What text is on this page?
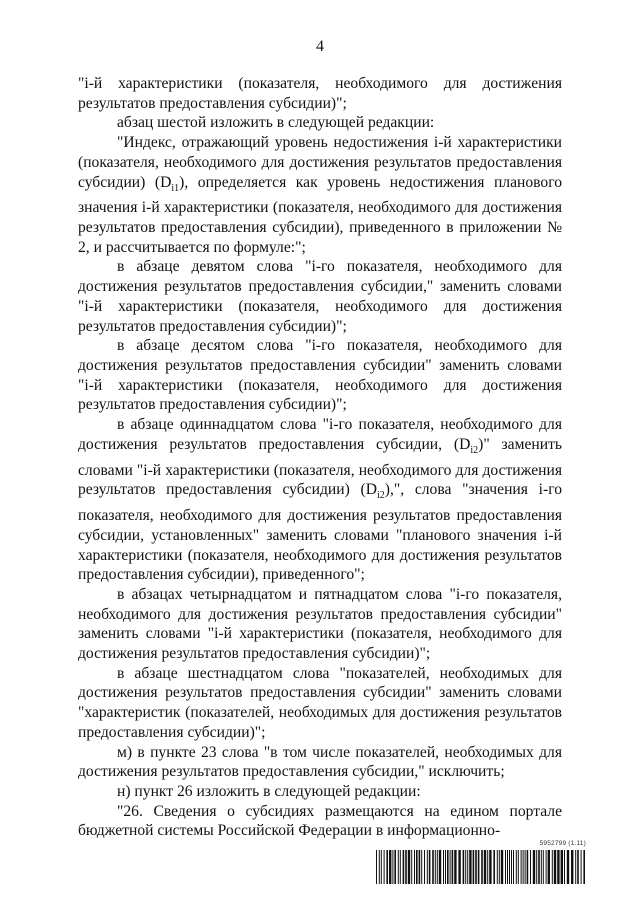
4

"i-й характеристики (показателя, необходимого для достижения результатов предоставления субсидии)";

абзац шестой изложить в следующей редакции:

"Индекс, отражающий уровень недостижения i-й характеристики (показателя, необходимого для достижения результатов предоставления субсидии) $(D_{i1})$, определяется как уровень недостижения планового значения i-й характеристики (показателя, необходимого для достижения результатов предоставления субсидии), приведенного в приложении № 2, и рассчитывается по формуле:";

в абзаце девятом слова "i-го показателя, необходимого для достижения результатов предоставления субсидии," заменить словами "i-й характеристики (показателя, необходимого для достижения результатов предоставления субсидии)";

в абзаце десятом слова "i-го показателя, необходимого для достижения результатов предоставления субсидии" заменить словами "i-й характеристики (показателя, необходимого для достижения результатов предоставления субсидии)";

в абзаце одиннадцатом слова "i-го показателя, необходимого для достижения результатов предоставления субсидии, $(D_{i2})$" заменить словами "i-й характеристики (показателя, необходимого для достижения результатов предоставления субсидии) $(D_{i2})$,", слова "значения i-го показателя, необходимого для достижения результатов предоставления субсидии, установленных" заменить словами "планового значения i-й характеристики (показателя, необходимого для достижения результатов предоставления субсидии), приведенного";

в абзацах четырнадцатом и пятнадцатом слова "i-го показателя, необходимого для достижения результатов предоставления субсидии" заменить словами "i-й характеристики (показателя, необходимого для достижения результатов предоставления субсидии)";

в абзаце шестнадцатом слова "показателей, необходимых для достижения результатов предоставления субсидии" заменить словами "характеристик (показателей, необходимых для достижения результатов предоставления субсидии)";

м) в пункте 23 слова "в том числе показателей, необходимых для достижения результатов предоставления субсидии," исключить;

н) пункт 26 изложить в следующей редакции:

"26. Сведения о субсидиях размещаются на едином портале бюджетной системы Российской Федерации в информационно-

5952799 (1.11)
